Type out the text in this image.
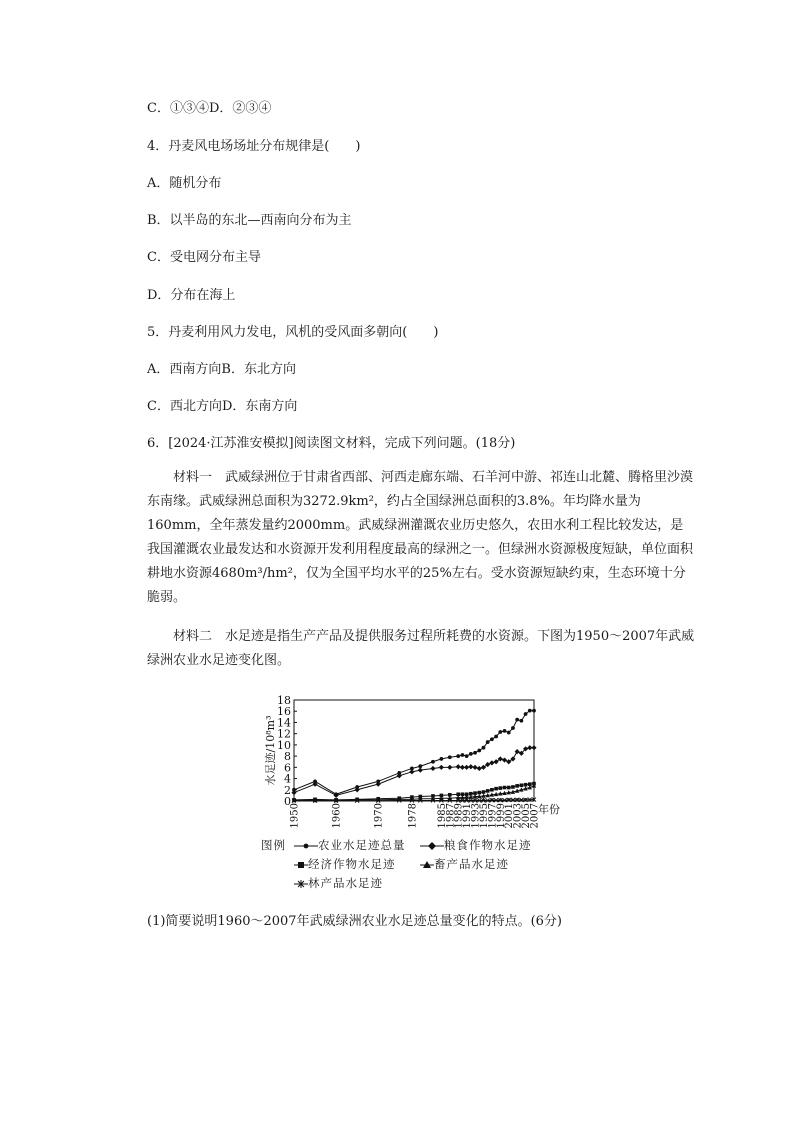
C．①③④D．②③④
4．丹麦风电场场址分布规律是(　　)
A．随机分布
B．以半岛的东北—西南向分布为主
C．受电网分布主导
D．分布在海上
5．丹麦利用风力发电，风机的受风面多朝向(　　)
A．西南方向B．东北方向
C．西北方向D．东南方向
6．[2024·江苏淮安模拟]阅读图文材料，完成下列问题。(18分)
材料一　武威绿洲位于甘肃省西部、河西走廊东端、石羊河中游、祁连山北麓、腾格里沙漠东南缘。武威绿洲总面积为3272.9km²，约占全国绿洲总面积的3.8%。年均降水量为160mm，全年蒸发量约2000mm。武威绿洲灌溉农业历史悠久，农田水利工程比较发达，是我国灌溉农业最发达和水资源开发利用程度最高的绿洲之一。但绿洲水资源极度短缺，单位面积耕地水资源4680m³/hm²，仅为全国平均水平的25%左右。受水资源短缺约束，生态环境十分脆弱。
材料二　水足迹是指生产产品及提供服务过程所耗费的水资源。下图为1950～2007年武威绿洲农业水足迹变化图。
0
2
4
6
8
10
12
14
16
18
1950	1960	1970 1978 1985
1987
1989
1991
1993
1995
1997
1999
2001
2003
2005
2007
水足迹/10⁸m³
年份
图例	农业水足迹总量	粮食作物水足迹
经济作物水足迹	畜产品水足迹
林产品水足迹
(1)简要说明1960～2007年武威绿洲农业水足迹总量变化的特点。(6分)
